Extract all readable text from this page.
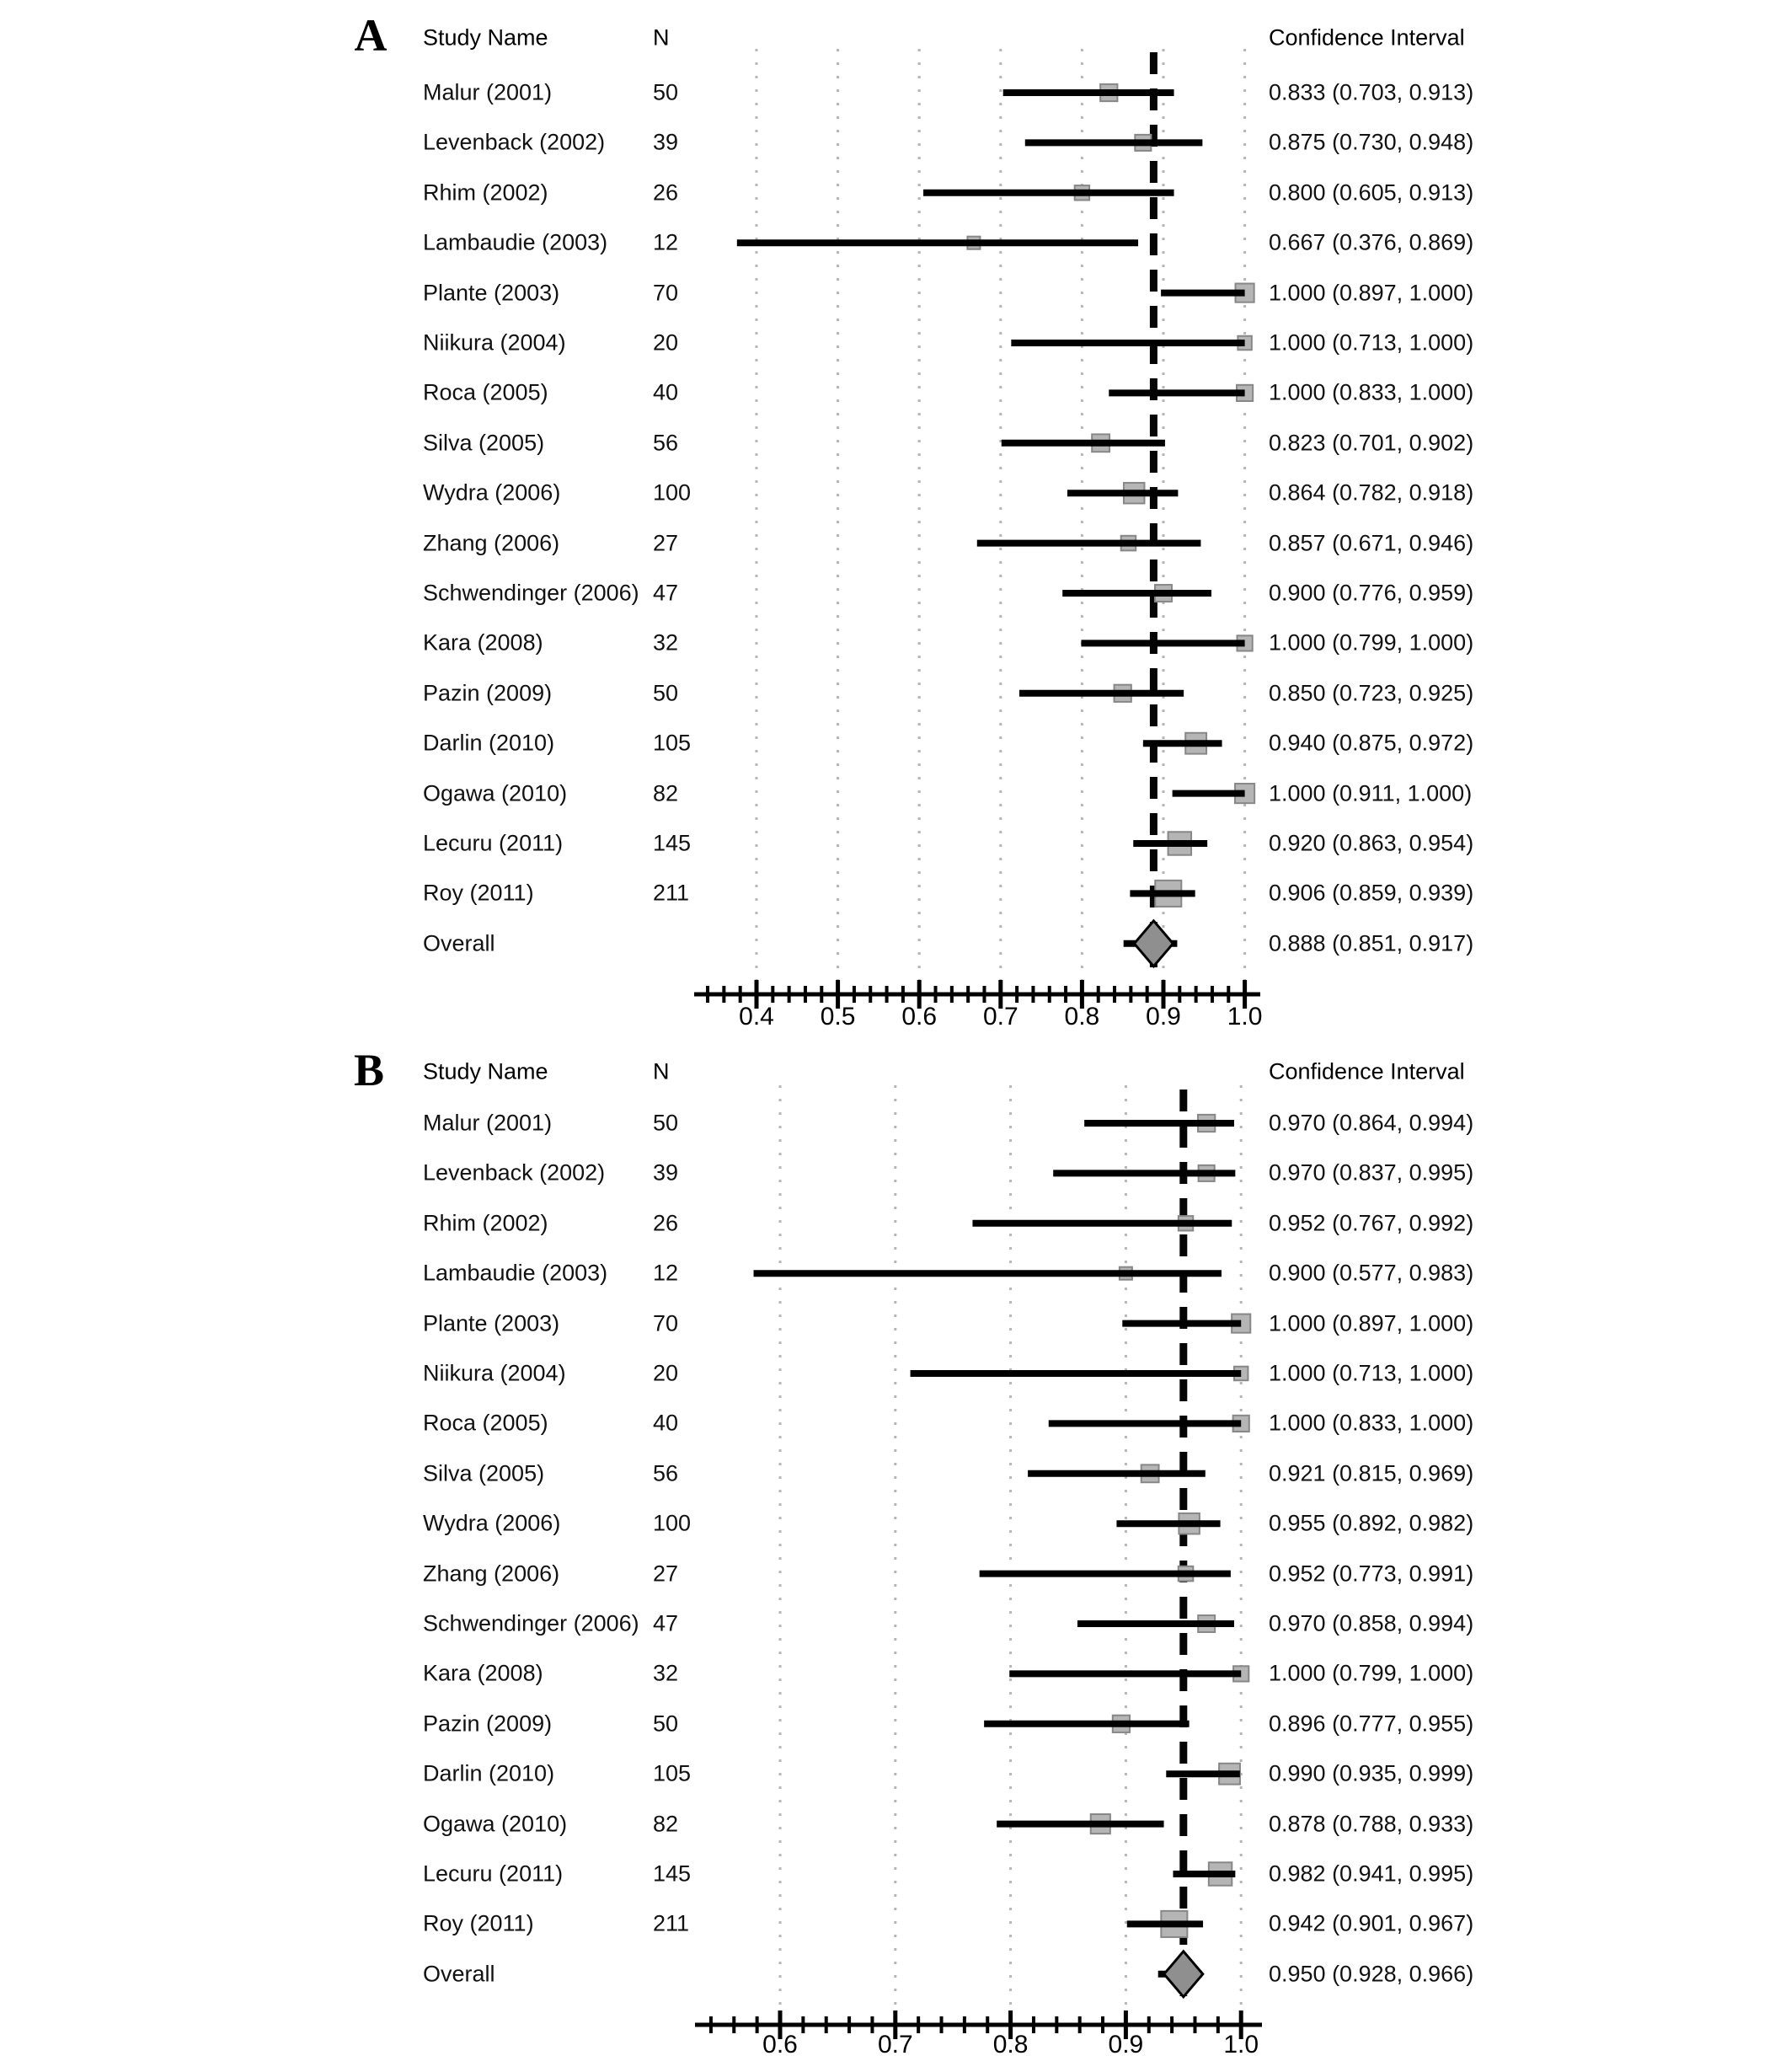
0.4 0.5 0.6 0.7 0.8 0.9 1.0
0.6	0.7	0.8	0.9	1.0
A Study Name	N	Confidence Interval
B Study Name	N	Confidence Interval
Malur (2001)	50	0.833 (0.703, 0.913)
Levenback (2002) 39	0.875 (0.730, 0.948)
Rhim (2002)	26	0.800 (0.605, 0.913)
Lambaudie (2003) 12	0.667 (0.376, 0.869)
Plante (2003)	70	1.000 (0.897, 1.000)
Niikura (2004)	20	1.000 (0.713, 1.000)
Roca (2005)	40	1.000 (0.833, 1.000)
Silva (2005)	56	0.823 (0.701, 0.902)
Wydra (2006)	100	0.864 (0.782, 0.918)
Zhang (2006)	27	0.857 (0.671, 0.946)
Schwendinger (2006) 47	0.900 (0.776, 0.959)
Kara (2008)	32	1.000 (0.799, 1.000)
Pazin (2009)	50	0.850 (0.723, 0.925)
Darlin (2010)	105	0.940 (0.875, 0.972)
Ogawa (2010)	82	1.000 (0.911, 1.000)
Lecuru (2011)	145	0.920 (0.863, 0.954)
Roy (2011)	211	0.906 (0.859, 0.939)
Overall	0.888 (0.851, 0.917)
Malur (2001)	50	0.970 (0.864, 0.994)
Levenback (2002) 39	0.970 (0.837, 0.995)
Rhim (2002)	26	0.952 (0.767, 0.992)
Lambaudie (2003) 12	0.900 (0.577, 0.983)
Plante (2003)	70	1.000 (0.897, 1.000)
Niikura (2004)	20	1.000 (0.713, 1.000)
Roca (2005)	40	1.000 (0.833, 1.000)
Silva (2005)	56	0.921 (0.815, 0.969)
Wydra (2006)	100	0.955 (0.892, 0.982)
Zhang (2006)	27	0.952 (0.773, 0.991)
Schwendinger (2006) 47	0.970 (0.858, 0.994)
Kara (2008)	32	1.000 (0.799, 1.000)
Pazin (2009)	50	0.896 (0.777, 0.955)
Darlin (2010)	105	0.990 (0.935, 0.999)
Ogawa (2010)	82	0.878 (0.788, 0.933)
Lecuru (2011)	145	0.982 (0.941, 0.995)
Roy (2011)	211	0.942 (0.901, 0.967)
Overall	0.950 (0.928, 0.966)
